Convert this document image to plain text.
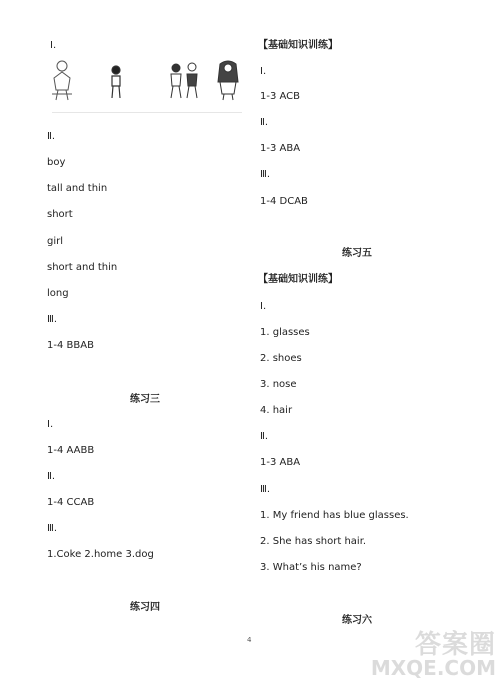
Ⅰ.
Ⅱ.
boy
tall and thin
short
girl
short and thin
long
Ⅲ.
1-4 BBAB
练习三
Ⅰ.
1-4 AABB
Ⅱ.
1-4 CCAB
Ⅲ.
1.Coke 2.home 3.dog
练习四
【基础知识训练】
Ⅰ.
1-3 ACB
Ⅱ.
1-3 ABA
Ⅲ.
1-4 DCAB
练习五
【基础知识训练】
Ⅰ.
1. glasses
2. shoes
3. nose
4. hair
Ⅱ.
1-3 ABA
Ⅲ.
1. My friend has blue glasses.
2. She has short hair.
3. What’s his name?
练习六
4	答案圈
MXQE.COM
